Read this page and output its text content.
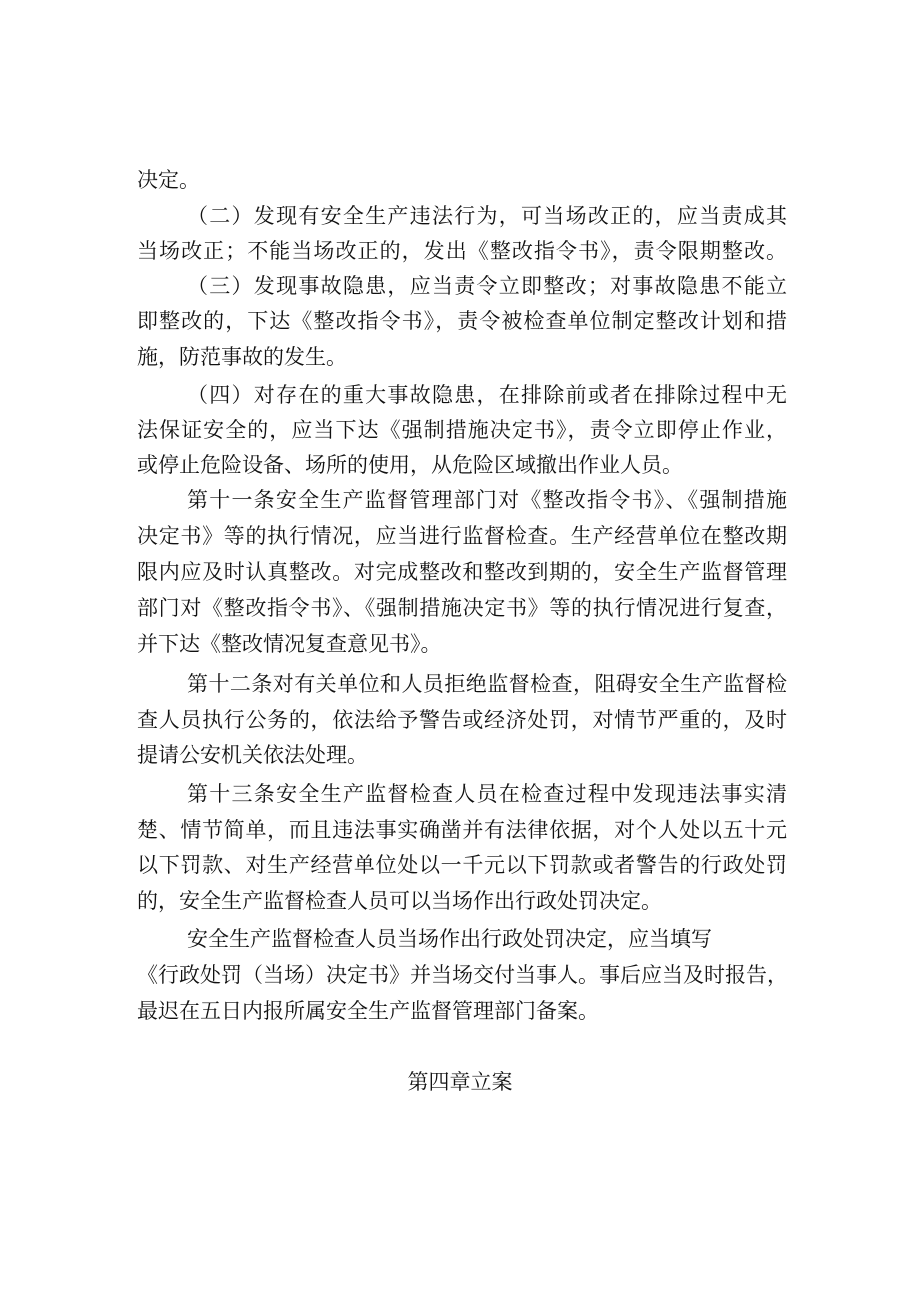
决定。
（二）发现有安全生产违法行为，可当场改正的，应当责成其
当场改正；不能当场改正的，发出《整改指令书》，责令限期整改。
（三）发现事故隐患，应当责令立即整改；对事故隐患不能立
即整改的，下达《整改指令书》，责令被检查单位制定整改计划和措
施，防范事故的发生。
（四）对存在的重大事故隐患，在排除前或者在排除过程中无
法保证安全的，应当下达《强制措施决定书》，责令立即停止作业，
或停止危险设备、场所的使用，从危险区域撤出作业人员。
第十一条安全生产监督管理部门对《整改指令书》、《强制措施
决定书》等的执行情况，应当进行监督检查。生产经营单位在整改期
限内应及时认真整改。对完成整改和整改到期的，安全生产监督管理
部门对《整改指令书》、《强制措施决定书》等的执行情况进行复查，
并下达《整改情况复查意见书》。
第十二条对有关单位和人员拒绝监督检查，阻碍安全生产监督检
查人员执行公务的，依法给予警告或经济处罚，对情节严重的，及时
提请公安机关依法处理。
第十三条安全生产监督检查人员在检查过程中发现违法事实清
楚、情节简单，而且违法事实确凿并有法律依据，对个人处以五十元
以下罚款、对生产经营单位处以一千元以下罚款或者警告的行政处罚
的，安全生产监督检查人员可以当场作出行政处罚决定。
安全生产监督检查人员当场作出行政处罚决定，应当填写
《行政处罚（当场）决定书》并当场交付当事人。事后应当及时报告，
最迟在五日内报所属安全生产监督管理部门备案。
第四章立案
